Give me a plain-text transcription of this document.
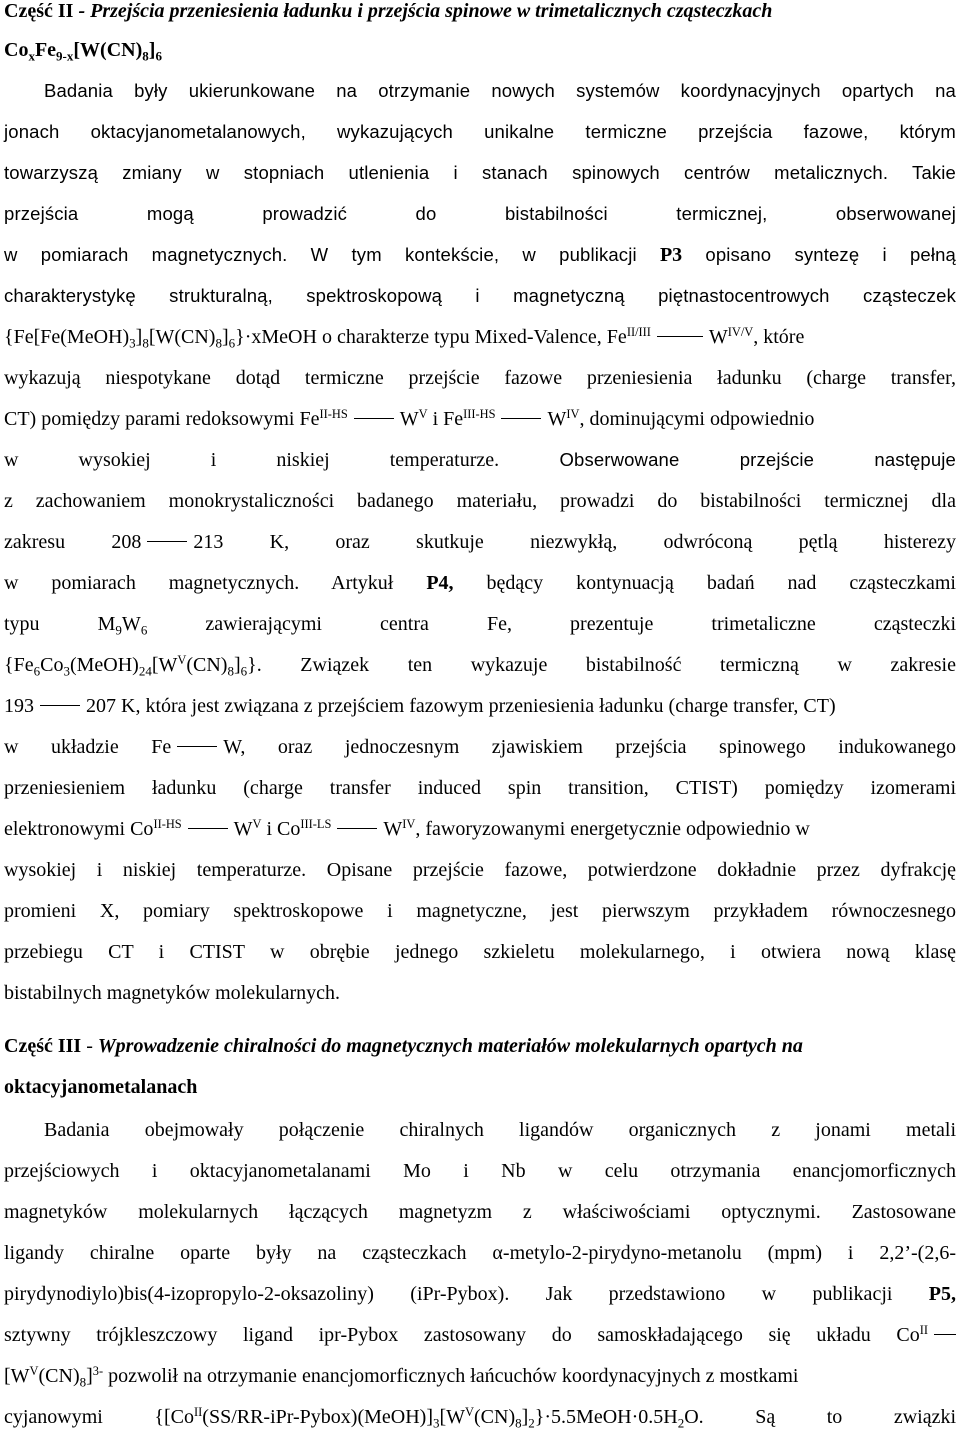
Część II - Przejścia przeniesienia ładunku i przejścia spinowe w trimetalicznych cząsteczkach
$Co_xFe_{9-x}[W(CN)_8]_6$
Badania były ukierunkowane na otrzymanie nowych systemów koordynacyjnych opartych na
jonach oktacyjanometalanowych, wykazujących unikalne termiczne przejścia fazowe, którym
towarzyszą zmiany w stopniach utlenienia i stanach spinowych centrów metalicznych. Takie
przejścia mogą prowadzić do bistabilności termicznej, obserwowanej
w pomiarach magnetycznych. W tym kontekście, w publikacji P3 opisano syntezę i pełną
charakterystykę strukturalną, spektroskopową i magnetyczną piętnastocentrowych cząsteczek
$\{Fe[Fe(MeOH)_3]_8[W(CN)_8]_6\}\cdot xMeOH$ o charakterze typu Mixed-Valence, $Fe^{II/III}$	$W^{IV/V}$, które
wykazują niespotykane dotąd termiczne przejście fazowe przeniesienia ładunku (charge transfer,
CT) pomiędzy parami redoksowymi $Fe^{II-HS}$	$W^V$ i $Fe^{III-HS}$	$W^{IV}$, dominującymi odpowiednio
w wysokiej i niskiej temperaturze. Obserwowane przejście następuje
z zachowaniem monokrystaliczności badanego materiału, prowadzi do bistabilności termicznej dla
zakresu 208	213 K, oraz skutkuje niezwykłą, odwróconą pętlą histerezy
w pomiarach magnetycznych. Artykuł P4, będący kontynuacją badań nad cząsteczkami
typu $M_9W_6$ zawierającymi centra Fe, prezentuje trimetaliczne cząsteczki
$\{Fe_6Co_3(MeOH)_{24}[W^V(CN)_8]_6\}$. Związek ten wykazuje bistabilność termiczną w zakresie
193	207 K, która jest związana z przejściem fazowym przeniesienia ładunku (charge transfer, CT)
w układzie Fe	W, oraz jednoczesnym zjawiskiem przejścia spinowego indukowanego
przeniesieniem ładunku (charge transfer induced spin transition, CTIST) pomiędzy izomerami
elektronowymi $Co^{II-HS}$	$W^V$ i $Co^{III-LS}$	$W^{IV}$, faworyzowanymi energetycznie odpowiednio w
wysokiej i niskiej temperaturze. Opisane przejście fazowe, potwierdzone dokładnie przez dyfrakcję
promieni X, pomiary spektroskopowe i magnetyczne, jest pierwszym przykładem równoczesnego
przebiegu CT i CTIST w obrębie jednego szkieletu molekularnego, i otwiera nową klasę
bistabilnych magnetyków molekularnych.
Część III - Wprowadzenie chiralności do magnetycznych materiałów molekularnych opartych na
oktacyjanometalanach
Badania obejmowały połączenie chiralnych ligandów organicznych z jonami metali
przejściowych i oktacyjanometalanami Mo i Nb w celu otrzymania enancjomorficznych
magnetyków molekularnych łączących magnetyzm z właściwościami optycznymi. Zastosowane
ligandy chiralne oparte były na cząsteczkach α-metylo-2-pirydyno-metanolu (mpm) i 2,2’-(2,6-
pirydynodiylo)bis(4-izopropylo-2-oksazoliny) (iPr-Pybox). Jak przedstawiono w publikacji P5,
sztywny trójkleszczowy ligand ipr-Pybox zastosowany do samoskładającego się układu $Co^{II}$
$[W^V(CN)_8]^{3-}$ pozwolił na otrzymanie enancjomorficznych łańcuchów koordynacyjnych z mostkami
cyjanowymi $\{[Co^{II}(SS/RR-iPr-Pybox)(MeOH)]_3[W^V(CN)_8]_2\}\cdot 5.5MeOH\cdot 0.5H_2O$. Są to związki
